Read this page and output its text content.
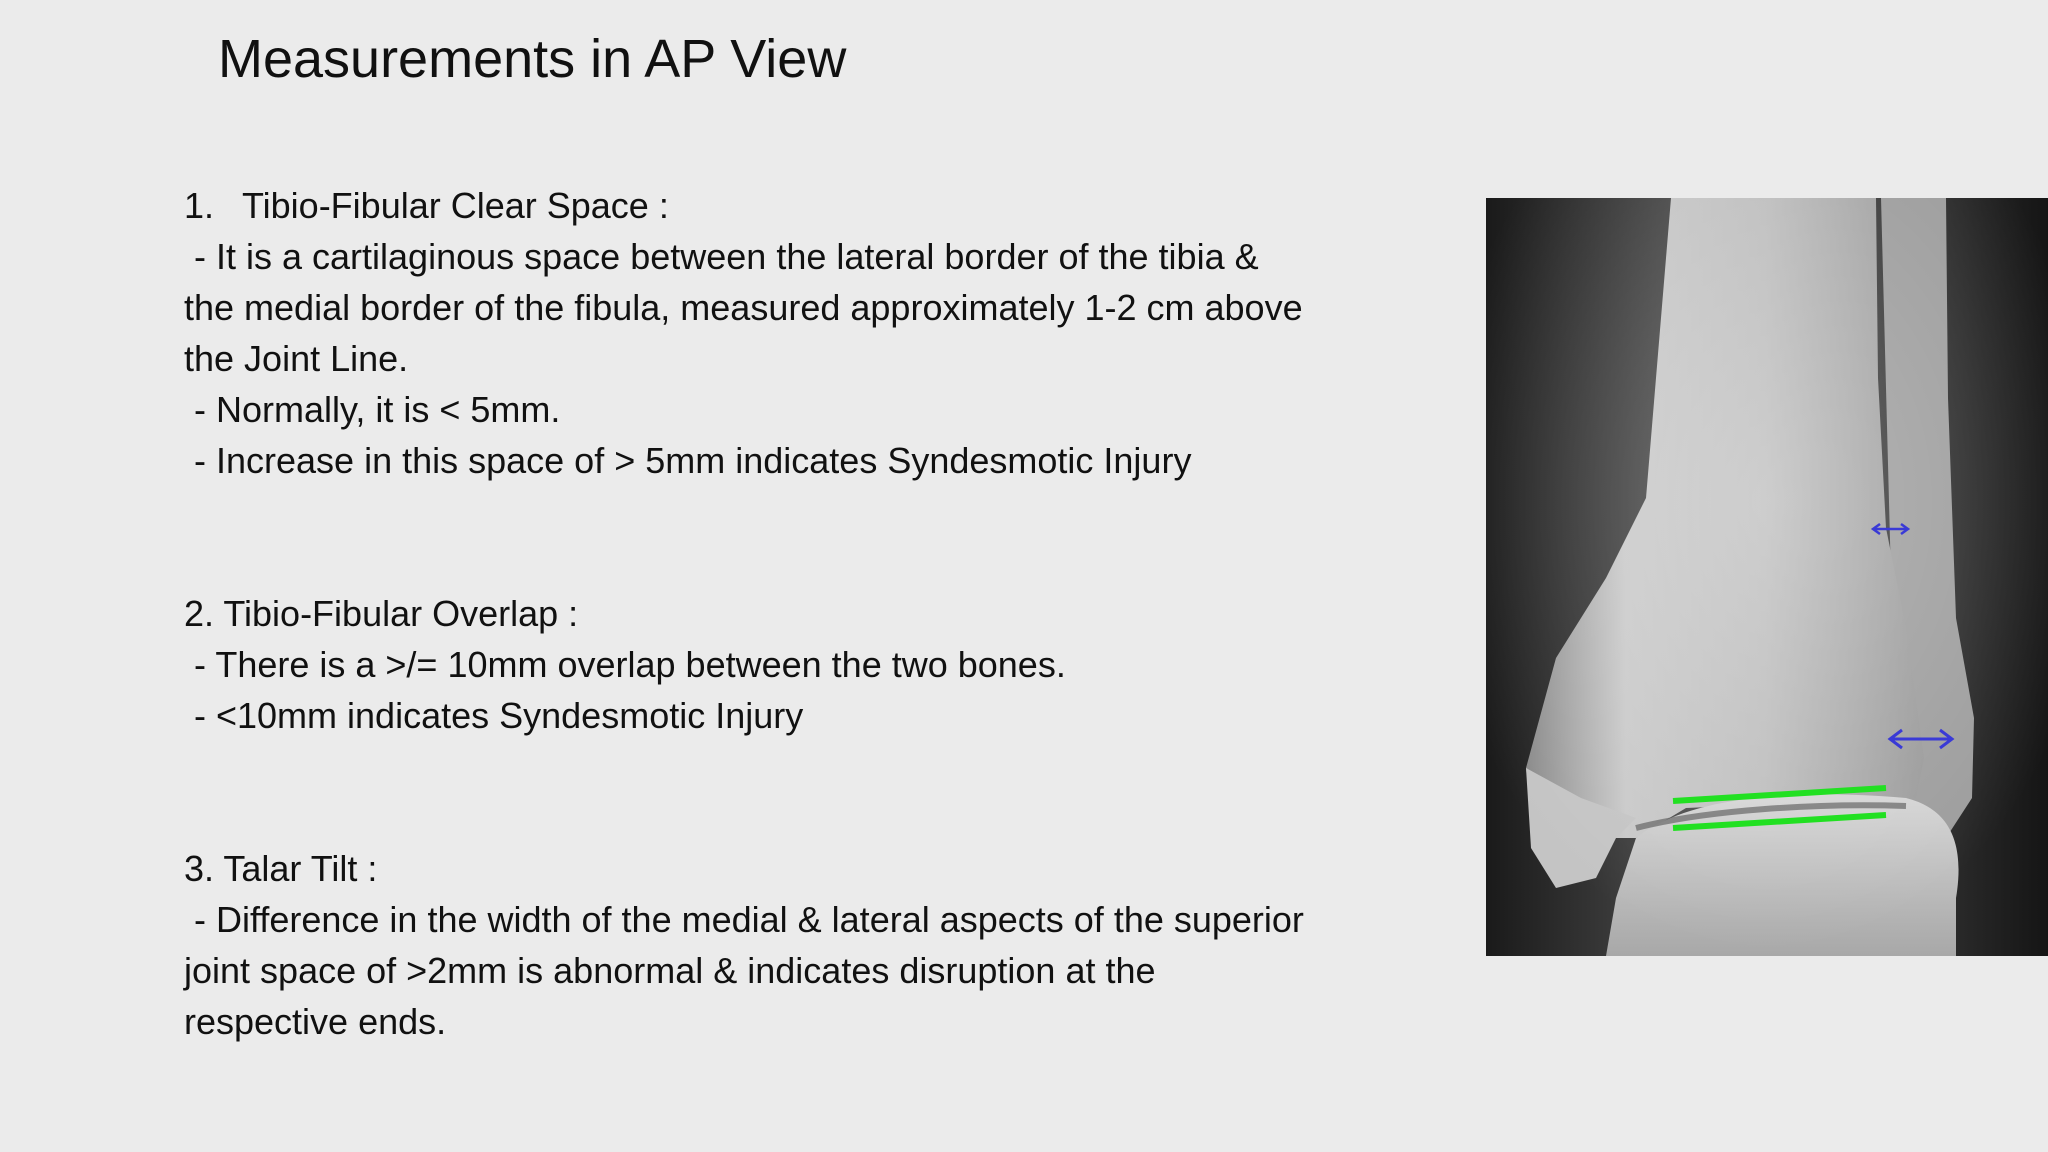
Measurements in AP View
1. Tibio-Fibular Clear Space :
- It is a cartilaginous space between the lateral border of the tibia &
the medial border of the fibula, measured approximately 1-2 cm above
the Joint Line.
- Normally, it is < 5mm.
- Increase in this space of > 5mm indicates Syndesmotic Injury
2. Tibio-Fibular Overlap :
- There is a >/= 10mm overlap between the two bones.
- <10mm indicates Syndesmotic Injury
3. Talar Tilt :
- Difference in the width of the medial & lateral aspects of the superior
joint space of >2mm is abnormal & indicates disruption at the
respective ends.
